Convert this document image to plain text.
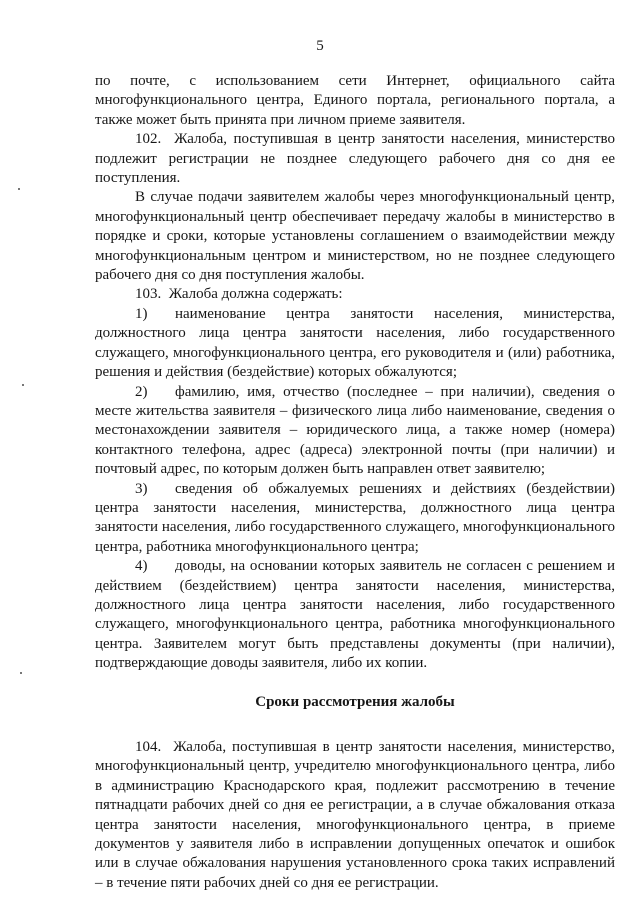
5

по почте, с использованием сети Интернет, официального сайта многофункционального центра, Единого портала, регионального портала, а также может быть принята при личном приеме заявителя.

102.  Жалоба, поступившая в центр занятости населения, министерство подлежит регистрации не позднее следующего рабочего дня со дня ее поступления.

В случае подачи заявителем жалобы через многофункциональный центр, многофункциональный центр обеспечивает передачу жалобы в министерство в порядке и сроки, которые установлены соглашением о взаимодействии между многофункциональным центром и министерством, но не позднее следующего рабочего дня со дня поступления жалобы.

103.  Жалоба должна содержать:

1) наименование центра занятости населения, министерства, должностного лица центра занятости населения, либо государственного служащего, многофункционального центра, его руководителя и (или) работника, решения и действия (бездействие) которых обжалуются;

2) фамилию, имя, отчество (последнее – при наличии), сведения о месте жительства заявителя – физического лица либо наименование, сведения о местонахождении заявителя – юридического лица, а также номер (номера) контактного телефона, адрес (адреса) электронной почты (при наличии) и почтовый адрес, по которым должен быть направлен ответ заявителю;

3) сведения об обжалуемых решениях и действиях (бездействии) центра занятости населения, министерства, должностного лица центра занятости населения, либо государственного служащего, многофункционального центра, работника многофункционального центра;

4) доводы, на основании которых заявитель не согласен с решением и действием (бездействием) центра занятости населения, министерства, должностного лица центра занятости населения, либо государственного служащего, многофункционального центра, работника многофункционального центра. Заявителем могут быть представлены документы (при наличии), подтверждающие доводы заявителя, либо их копии.

Сроки рассмотрения жалобы

104.  Жалоба, поступившая в центр занятости населения, министерство, многофункциональный центр, учредителю многофункционального центра, либо в администрацию Краснодарского края, подлежит рассмотрению в течение пятнадцати рабочих дней со дня ее регистрации, а в случае обжалования отказа центра занятости населения, многофункционального центра, в приеме документов у заявителя либо в исправлении допущенных опечаток и ошибок или в случае обжалования нарушения установленного срока таких исправлений – в течение пяти рабочих дней со дня ее регистрации.
